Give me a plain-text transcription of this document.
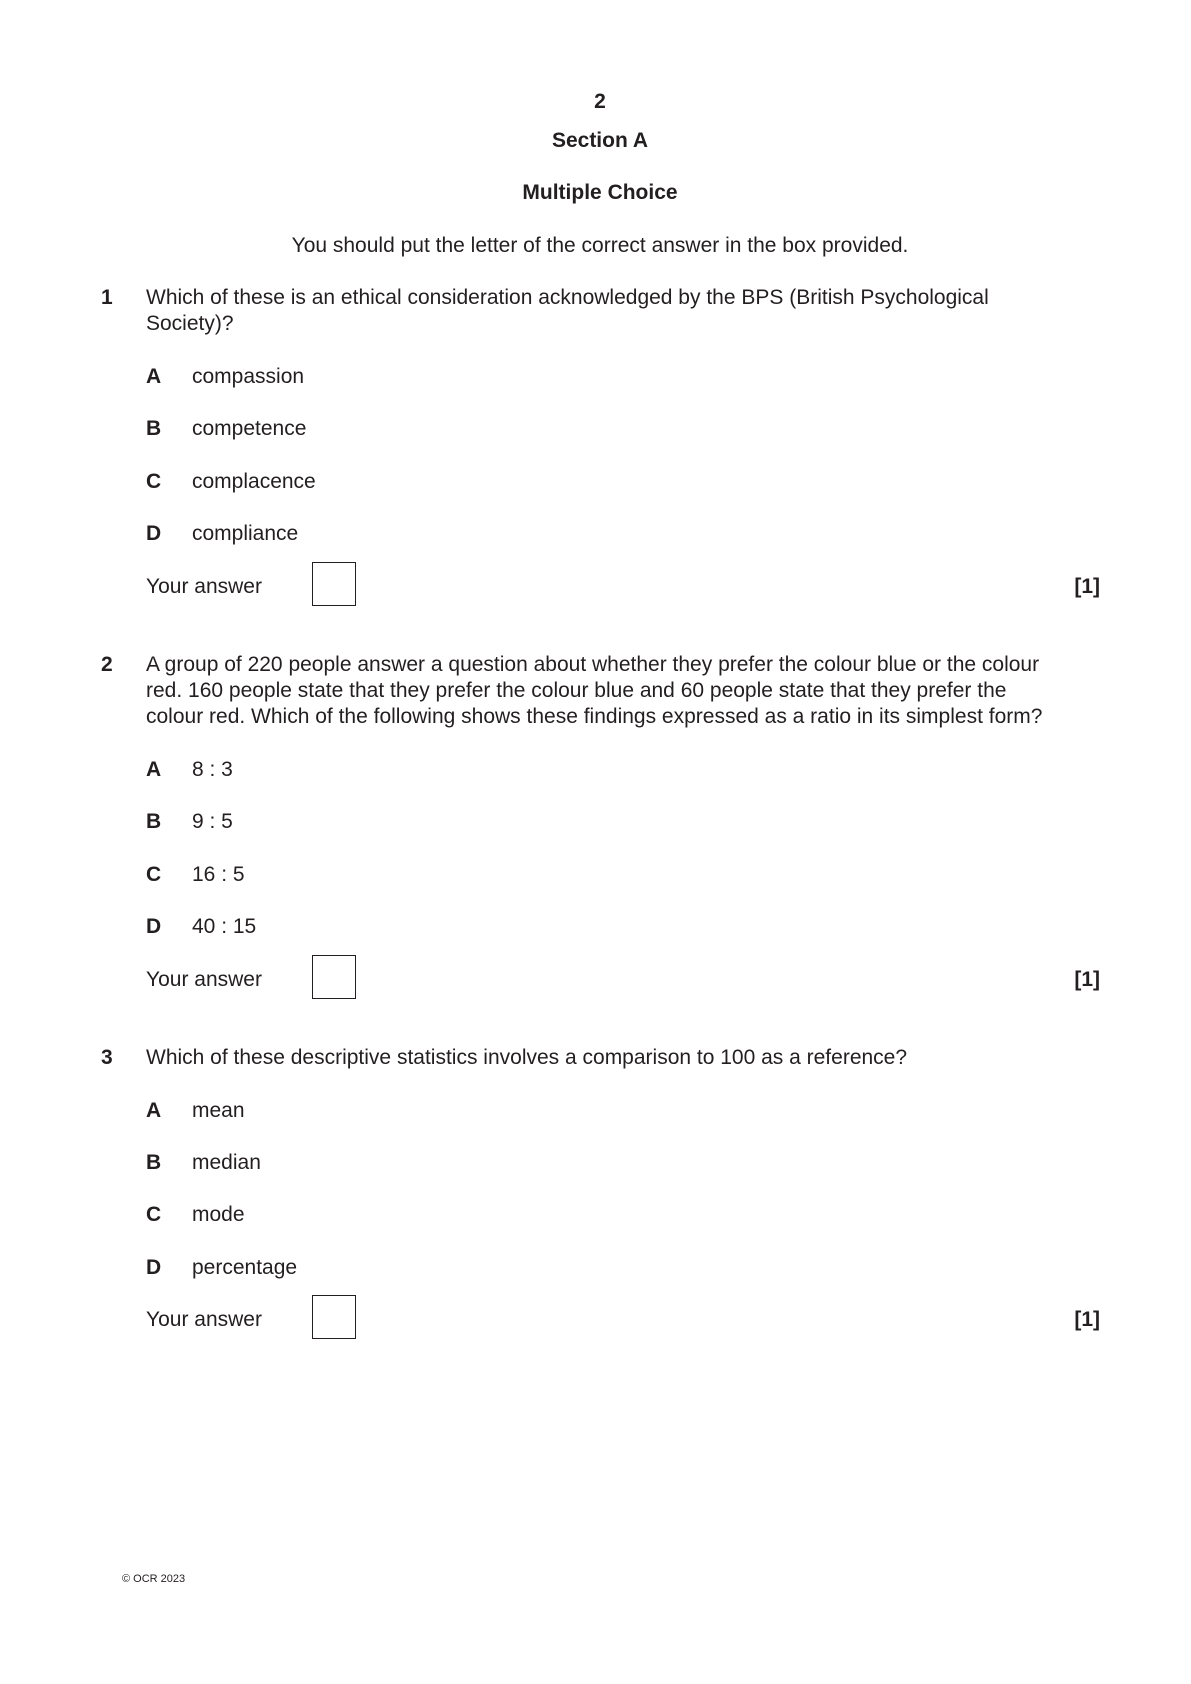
2
Section A
Multiple Choice
You should put the letter of the correct answer in the box provided.
1 Which of these is an ethical consideration acknowledged by the BPS (British Psychological
Society)?
A compassion
B competence
C complacence
D compliance
Your answer	[1]
2 A group of 220 people answer a question about whether they prefer the colour blue or the colour
red. 160 people state that they prefer the colour blue and 60 people state that they prefer the
colour red. Which of the following shows these findings expressed as a ratio in its simplest form?
A 8 : 3
B 9 : 5
C 16 : 5
D 40 : 15
Your answer	[1]
3 Which of these descriptive statistics involves a comparison to 100 as a reference?
A mean
B median
C mode
D percentage
Your answer	[1]
© OCR 2023
